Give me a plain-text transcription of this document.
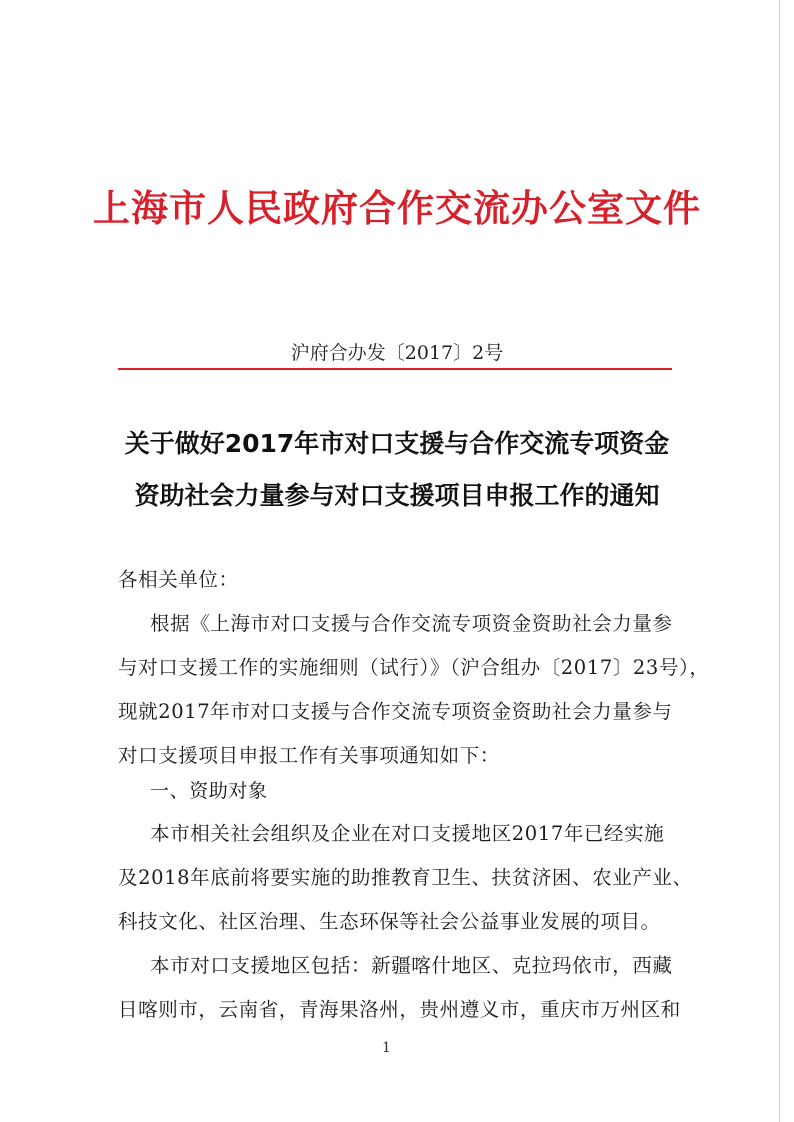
上海市人民政府合作交流办公室文件
沪府合办发〔2017〕2号
关于做好2017年市对口支援与合作交流专项资金
资助社会力量参与对口支援项目申报工作的通知
各相关单位：
根据《上海市对口支援与合作交流专项资金资助社会力量参
与对口支援工作的实施细则（试行）》（沪合组办〔2017〕23号），
现就2017年市对口支援与合作交流专项资金资助社会力量参与
对口支援项目申报工作有关事项通知如下：
一、资助对象
本市相关社会组织及企业在对口支援地区2017年已经实施
及2018年底前将要实施的助推教育卫生、扶贫济困、农业产业、
科技文化、社区治理、生态环保等社会公益事业发展的项目。
本市对口支援地区包括：新疆喀什地区、克拉玛依市，西藏
日喀则市，云南省，青海果洛州，贵州遵义市，重庆市万州区和
1
